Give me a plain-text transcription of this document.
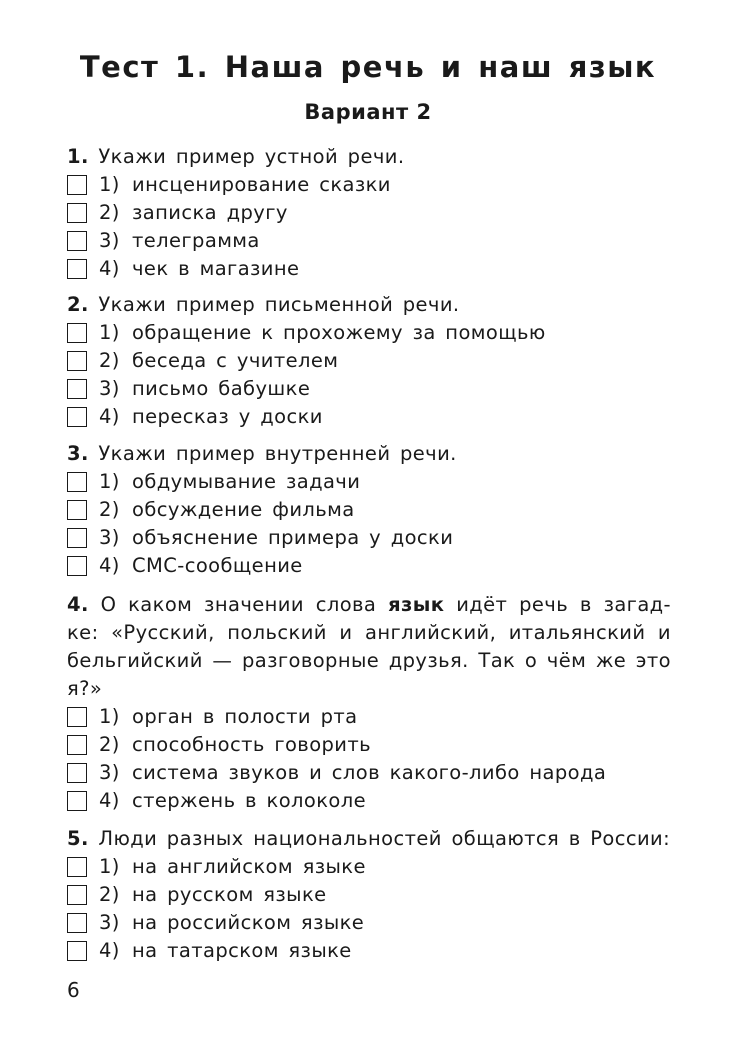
Тест 1. Наша речь и наш язык
Вариант 2

1. Укажи пример устной речи.

1) инсценирование сказки
2) записка другу
3) телеграмма
4) чек в магазине

2. Укажи пример письменной речи.

1) обращение к прохожему за помощью
2) беседа с учителем
3) письмо бабушке
4) пересказ у доски

3. Укажи пример внутренней речи.

1) обдумывание задачи
2) обсуждение фильма
3) объяснение примера у доски
4) СМС-сообщение

4. О каком значении слова язык идёт речь в загад-ке: «Русский, польский и английский, итальянский и бельгийский — разговорные друзья. Так о чём же это я?»

1) орган в полости рта
2) способность говорить
3) система звуков и слов какого-либо народа
4) стержень в колоколе

5. Люди разных национальностей общаются в России:

1) на английском языке
2) на русском языке
3) на российском языке
4) на татарском языке
6
